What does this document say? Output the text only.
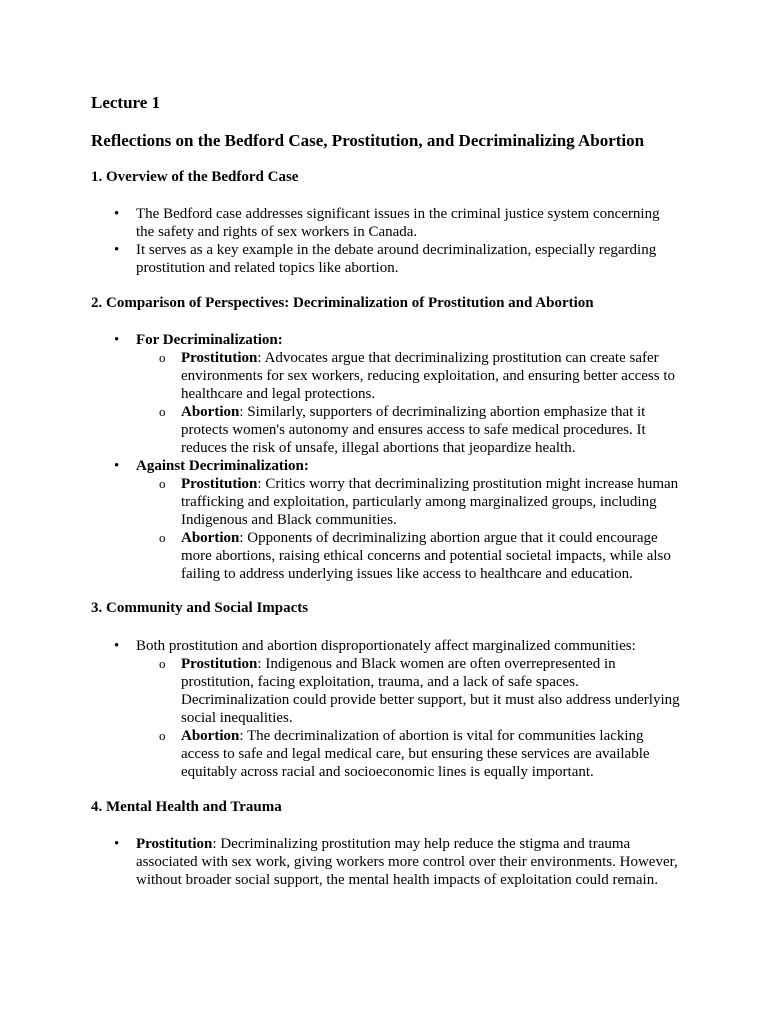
Lecture 1
Reflections on the Bedford Case, Prostitution, and Decriminalizing Abortion
1. Overview of the Bedford Case
• The Bedford case addresses significant issues in the criminal justice system concerning the safety and rights of sex workers in Canada.

• It serves as a key example in the debate around decriminalization, especially regarding prostitution and related topics like abortion.

2. Comparison of Perspectives: Decriminalization of Prostitution and Abortion
• For Decriminalization:

o Prostitution: Advocates argue that decriminalizing prostitution can create safer environments for sex workers, reducing exploitation, and ensuring better access to healthcare and legal protections.

o Abortion: Similarly, supporters of decriminalizing abortion emphasize that it protects women's autonomy and ensures access to safe medical procedures. It reduces the risk of unsafe, illegal abortions that jeopardize health.

• Against Decriminalization:

o Prostitution: Critics worry that decriminalizing prostitution might increase human trafficking and exploitation, particularly among marginalized groups, including Indigenous and Black communities.

o Abortion: Opponents of decriminalizing abortion argue that it could encourage more abortions, raising ethical concerns and potential societal impacts, while also failing to address underlying issues like access to healthcare and education.

3. Community and Social Impacts
• Both prostitution and abortion disproportionately affect marginalized communities:

o Prostitution: Indigenous and Black women are often overrepresented in prostitution, facing exploitation, trauma, and a lack of safe spaces. Decriminalization could provide better support, but it must also address underlying social inequalities.

o Abortion: The decriminalization of abortion is vital for communities lacking access to safe and legal medical care, but ensuring these services are available equitably across racial and socioeconomic lines is equally important.

4. Mental Health and Trauma
• Prostitution: Decriminalizing prostitution may help reduce the stigma and trauma associated with sex work, giving workers more control over their environments. However, without broader social support, the mental health impacts of exploitation could remain.
